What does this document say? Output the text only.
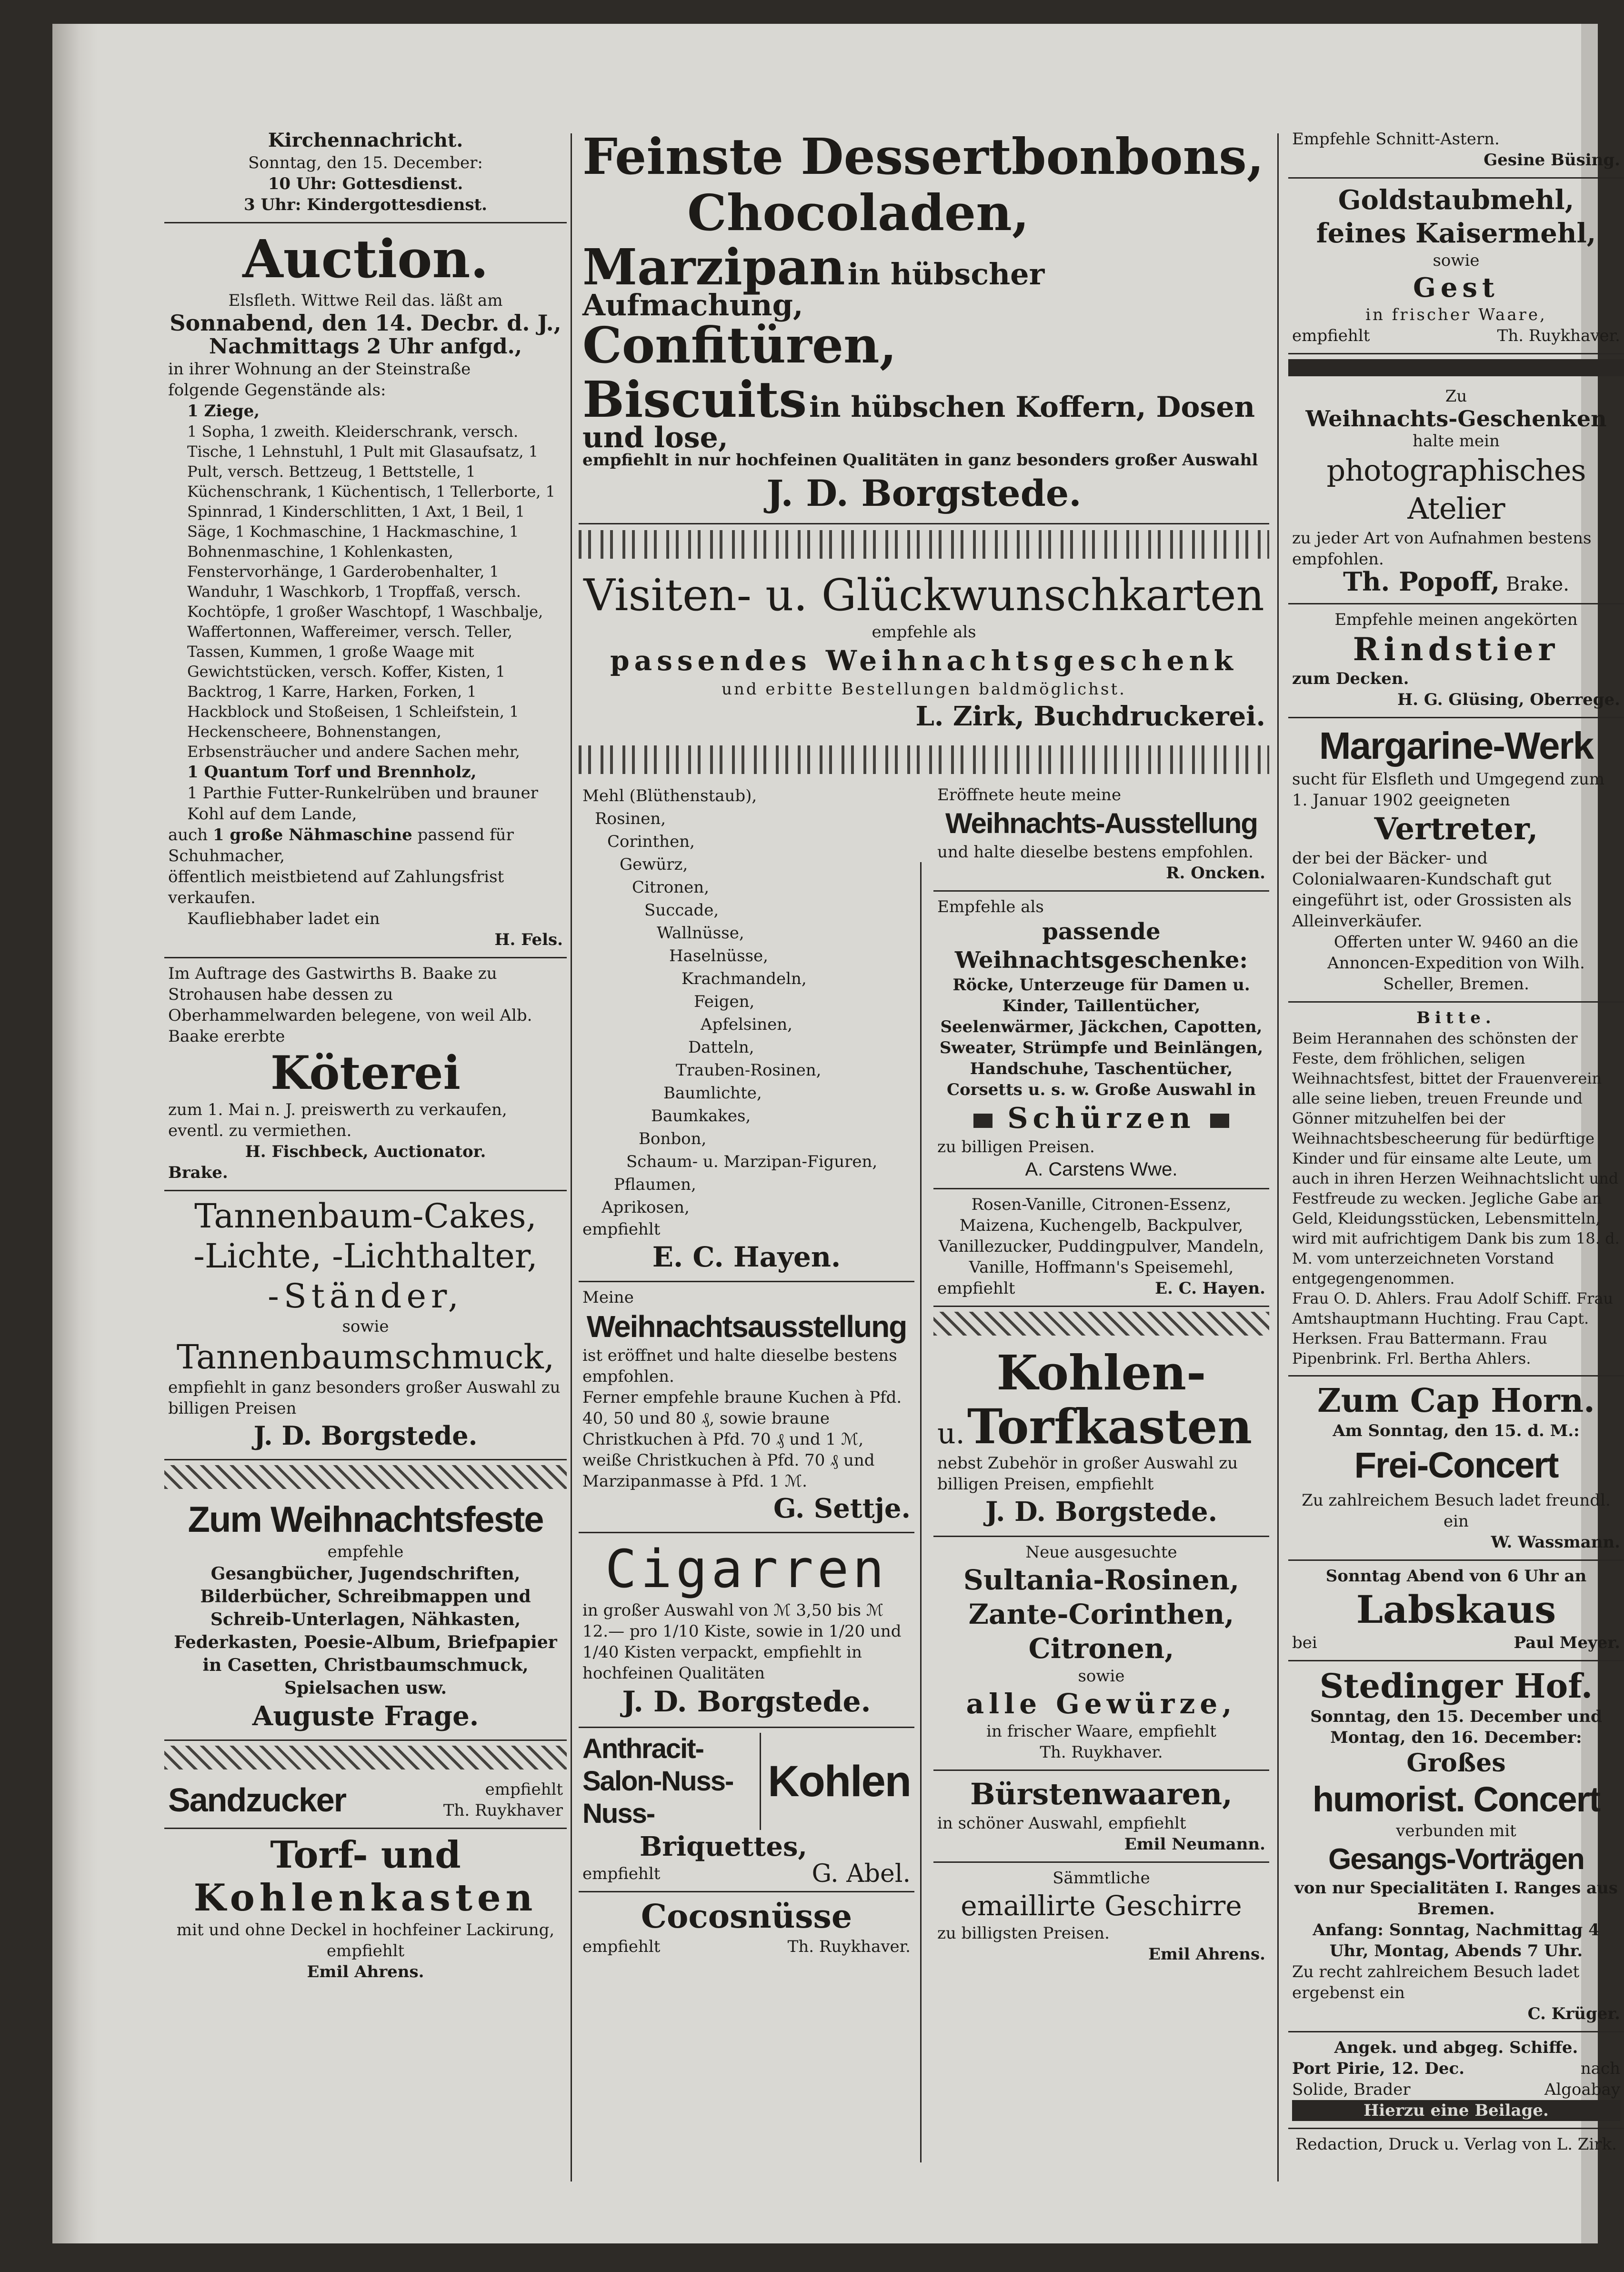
Kirchennachricht.

Sonntag, den 15. December:

10 Uhr: Gottesdienst.

3 Uhr: Kindergottesdienst.

Auction.

Elsfleth. Wittwe Reil das. läßt am

Sonnabend, den 14. Decbr. d. J.,

Nachmittags 2 Uhr anfgd.,

in ihrer Wohnung an der Steinstraße

folgende Gegenstände als:

1 Ziege,

1 Sopha, 1 zweith. Kleiderschrank, versch. Tische, 1 Lehnstuhl, 1 Pult mit Glasaufsatz, 1 Pult, versch. Bettzeug, 1 Bettstelle, 1 Küchenschrank, 1 Küchentisch, 1 Tellerborte, 1 Spinnrad, 1 Kinderschlitten, 1 Axt, 1 Beil, 1 Säge, 1 Kochmaschine, 1 Hackmaschine, 1 Bohnenmaschine, 1 Kohlenkasten, Fenstervorhänge, 1 Garderobenhalter, 1 Wanduhr, 1 Waschkorb, 1 Tropffaß, versch. Kochtöpfe, 1 großer Waschtopf, 1 Waschbalje, Waffertonnen, Waffereimer, versch. Teller, Tassen, Kummen, 1 große Waage mit Gewichtstücken, versch. Koffer, Kisten, 1 Backtrog, 1 Karre, Harken, Forken, 1 Hackblock und Stoßeisen, 1 Schleifstein, 1 Heckenscheere, Bohnenstangen, Erbsensträucher und andere Sachen mehr,

1 Quantum Torf und Brennholz,

1 Parthie Futter-Runkelrüben und brauner Kohl auf dem Lande,

auch 1 große Nähmaschine passend für Schuhmacher,

öffentlich meistbietend auf Zahlungsfrist verkaufen.

Kaufliebhaber ladet ein

H. Fels.

Im Auftrage des Gastwirths B. Baake zu Strohausen habe dessen zu Oberhammelwarden belegene, von weil Alb. Baake ererbte

Köterei

zum 1. Mai n. J. preiswerth zu verkaufen, eventl. zu vermiethen.

H. Fischbeck, Auctionator.

Brake.

Tannenbaum-Cakes,

-Lichte, -Lichthalter,

-Ständer,

sowie

Tannenbaumschmuck,

empfiehlt in ganz besonders großer Auswahl zu billigen Preisen

J. D. Borgstede.

Zum Weihnachtsfeste

empfehle

Gesangbücher, Jugendschriften, Bilderbücher, Schreibmappen und Schreib-Unterlagen, Nähkasten, Federkasten, Poesie-Album, Briefpapier in Casetten, Christbaumschmuck, Spielsachen usw.

Auguste Frage.

Sandzucker	empfiehlt
Th. Ruykhaver

Torf- und

Kohlenkasten

mit und ohne Deckel in hochfeiner Lackirung, empfiehlt

Emil Ahrens.

Feinste Dessertbonbons,

Chocoladen,

Marzipan in hübscher Aufmachung,

Confitüren,

Biscuits in hübschen Koffern, Dosen und lose,

empfiehlt in nur hochfeinen Qualitäten in ganz besonders großer Auswahl

J. D. Borgstede.

Visiten- u. Glückwunschkarten

empfehle als

passendes Weihnachtsgeschenk

und erbitte Bestellungen baldmöglichst.

L. Zirk, Buchdruckerei.

Mehl (Blüthenstaub),

Rosinen,

Corinthen,

Gewürz,

Citronen,

Succade,

Wallnüsse,

Haselnüsse,

Krachmandeln,

Feigen,

Apfelsinen,

Datteln,

Trauben-Rosinen,

Baumlichte,

Baumkakes,

Bonbon,

Schaum- u. Marzipan-Figuren,

Pflaumen,

Aprikosen,

empfiehlt

E. C. Hayen.

Meine

Weihnachtsausstellung

ist eröffnet und halte dieselbe bestens empfohlen.

Ferner empfehle braune Kuchen à Pfd. 40, 50 und 80 ₰, sowie braune Christkuchen à Pfd. 70 ₰ und 1 ℳ, weiße Christkuchen à Pfd. 70 ₰ und Marzipanmasse à Pfd. 1 ℳ.

G. Settje.

Cigarren

in großer Auswahl von ℳ 3,50 bis ℳ 12.— pro 1/10 Kiste, sowie in 1/20 und 1/40 Kisten verpackt, empfiehlt in hochfeinen Qualitäten

J. D. Borgstede.

Anthracit-

Salon-Nuss-

Nuss-

Kohlen

Briquettes,

empfiehlt	G. Abel.

Cocosnüsse

empfiehlt	Th. Ruykhaver.

Eröffnete heute meine

Weihnachts-Ausstellung

und halte dieselbe bestens empfohlen.

R. Oncken.

Empfehle als

passende Weihnachtsgeschenke:

Röcke, Unterzeuge für Damen u. Kinder, Taillentücher, Seelenwärmer, Jäckchen, Capotten, Sweater, Strümpfe und Beinlängen, Handschuhe, Taschentücher, Corsetts u. s. w. Große Auswahl in

Schürzen

zu billigen Preisen.

A. Carstens Wwe.

Rosen-Vanille, Citronen-Essenz, Maizena, Kuchengelb, Backpulver, Vanillezucker, Puddingpulver, Mandeln, Vanille, Hoffmann's Speisemehl,

empfiehlt	E. C. Hayen.

Kohlen-

u. Torfkasten

nebst Zubehör in großer Auswahl zu billigen Preisen, empfiehlt

J. D. Borgstede.

Neue ausgesuchte

Sultania-Rosinen,

Zante-Corinthen,

Citronen,

sowie

alle Gewürze,

in frischer Waare, empfiehlt

Th. Ruykhaver.

Bürstenwaaren,

in schöner Auswahl, empfiehlt

Emil Neumann.

Sämmtliche

emaillirte Geschirre

zu billigsten Preisen.

Emil Ahrens.

Empfehle Schnitt-Astern.

Gesine Büsing.

Goldstaubmehl,

feines Kaisermehl,

sowie

Gest

in frischer Waare,

empfiehlt	Th. Ruykhaver.

Zu

Weihnachts-Geschenken

halte mein

photographisches Atelier

zu jeder Art von Aufnahmen bestens empfohlen.

Th. Popoff, Brake.

Empfehle meinen angekörten

Rindstier

zum Decken.

H. G. Glüsing, Oberrege.

Margarine-Werk

sucht für Elsfleth und Umgegend zum 1. Januar 1902 geeigneten

Vertreter,

der bei der Bäcker- und Colonialwaaren-Kundschaft gut eingeführt ist, oder Grossisten als Alleinverkäufer.

Offerten unter W. 9460 an die Annoncen-Expedition von Wilh. Scheller, Bremen.

Bitte.

Beim Herannahen des schönsten der Feste, dem fröhlichen, seligen Weihnachtsfest, bittet der Frauenverein alle seine lieben, treuen Freunde und Gönner mitzuhelfen bei der Weihnachtsbescheerung für bedürftige Kinder und für einsame alte Leute, um auch in ihren Herzen Weihnachtslicht und Festfreude zu wecken. Jegliche Gabe an Geld, Kleidungsstücken, Lebensmitteln, wird mit aufrichtigem Dank bis zum 18. d. M. vom unterzeichneten Vorstand entgegengenommen.

Frau O. D. Ahlers. Frau Adolf Schiff. Frau Amtshauptmann Huchting. Frau Capt. Herksen. Frau Battermann. Frau Pipenbrink. Frl. Bertha Ahlers.

Zum Cap Horn.

Am Sonntag, den 15. d. M.:

Frei-Concert

Zu zahlreichem Besuch ladet freundl. ein

W. Wassmann.

Sonntag Abend von 6 Uhr an

Labskaus

bei	Paul Meyer.

Stedinger Hof.

Sonntag, den 15. December und Montag, den 16. December:

Großes

humorist. Concert

verbunden mit

Gesangs-Vorträgen

von nur Specialitäten I. Ranges aus Bremen.

Anfang: Sonntag, Nachmittag 4 Uhr, Montag, Abends 7 Uhr.

Zu recht zahlreichem Besuch ladet ergebenst ein

C. Krüger.

Angek. und abgeg. Schiffe.

Port Pirie, 12. Dec.	nach
Solide, Brader	Algoabay

Hierzu eine Beilage.

Redaction, Druck u. Verlag von L. Zirk.
